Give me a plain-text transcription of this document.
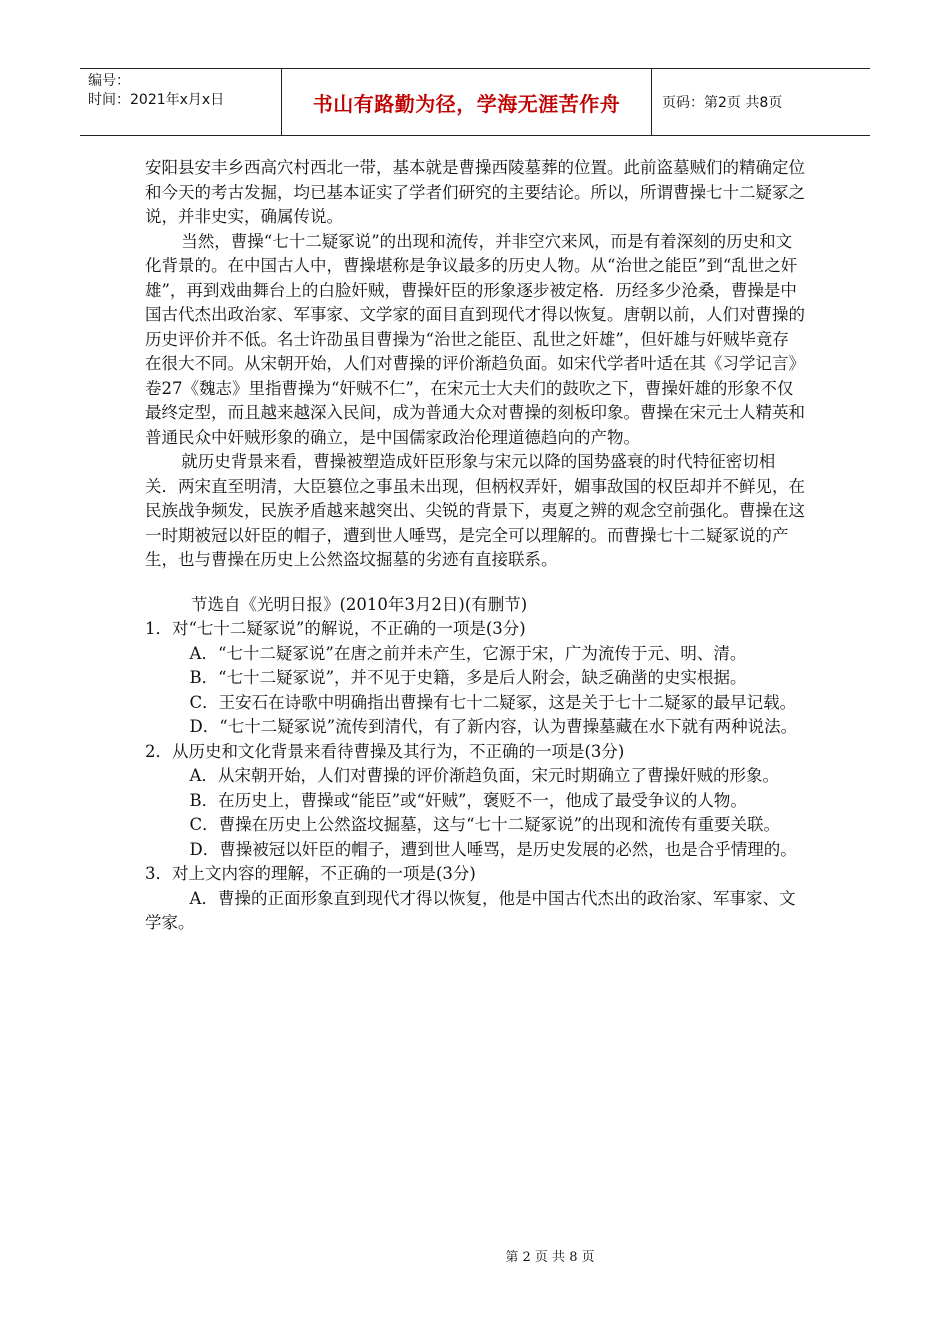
编号：
时间：2021年x月x日	书山有路勤为径，学海无涯苦作舟	页码：第2页 共8页

安阳县安丰乡西高穴村西北一带，基本就是曹操西陵墓葬的位置。此前盗墓贼们的精确定位和今天的考古发掘，均已基本证实了学者们研究的主要结论。所以，所谓曹操七十二疑冢之说，并非史实，确属传说。

当然，曹操“七十二疑冢说”的出现和流传，并非空穴来风，而是有着深刻的历史和文化背景的。在中国古人中，曹操堪称是争议最多的历史人物。从“治世之能臣”到“乱世之奸雄”，再到戏曲舞台上的白脸奸贼，曹操奸臣的形象逐步被定格．历经多少沧桑，曹操是中国古代杰出政治家、军事家、文学家的面目直到现代才得以恢复。唐朝以前，人们对曹操的历史评价并不低。名士许劭虽目曹操为“治世之能臣、乱世之奸雄”，但奸雄与奸贼毕竟存在很大不同。从宋朝开始，人们对曹操的评价渐趋负面。如宋代学者叶适在其《习学记言》卷27《魏志》里指曹操为“奸贼不仁”，在宋元士大夫们的鼓吹之下，曹操奸雄的形象不仅最终定型，而且越来越深入民间，成为普通大众对曹操的刻板印象。曹操在宋元士人精英和普通民众中奸贼形象的确立，是中国儒家政治伦理道德趋向的产物。

就历史背景来看，曹操被塑造成奸臣形象与宋元以降的国势盛衰的时代特征密切相关．两宋直至明清，大臣篡位之事虽未出现，但柄权弄奸，媚事敌国的权臣却并不鲜见，在民族战争频发，民族矛盾越来越突出、尖锐的背景下，夷夏之辨的观念空前强化。曹操在这一时期被冠以奸臣的帽子，遭到世人唾骂，是完全可以理解的。而曹操七十二疑冢说的产生，也与曹操在历史上公然盗坟掘墓的劣迹有直接联系。

节选自《光明日报》(2010年3月2日)(有删节)

1．对“七十二疑冢说”的解说，不正确的一项是(3分)

A．“七十二疑冢说”在唐之前并未产生，它源于宋，广为流传于元、明、清。

B．“七十二疑冢说”，并不见于史籍，多是后人附会，缺乏确凿的史实根据。

C．王安石在诗歌中明确指出曹操有七十二疑冢，这是关于七十二疑冢的最早记载。

D．“七十二疑冢说”流传到清代，有了新内容，认为曹操墓藏在水下就有两种说法。

2．从历史和文化背景来看待曹操及其行为，不正确的一项是(3分)

A．从宋朝开始，人们对曹操的评价渐趋负面，宋元时期确立了曹操奸贼的形象。

B．在历史上，曹操或“能臣”或“奸贼”，褒贬不一，他成了最受争议的人物。

C．曹操在历史上公然盗坟掘墓，这与“七十二疑冢说”的出现和流传有重要关联。

D．曹操被冠以奸臣的帽子，遭到世人唾骂，是历史发展的必然，也是合乎情理的。

3．对上文内容的理解，不正确的一项是(3分)

A．曹操的正面形象直到现代才得以恢复，他是中国古代杰出的政治家、军事家、文学家。

第 2 页 共 8 页
